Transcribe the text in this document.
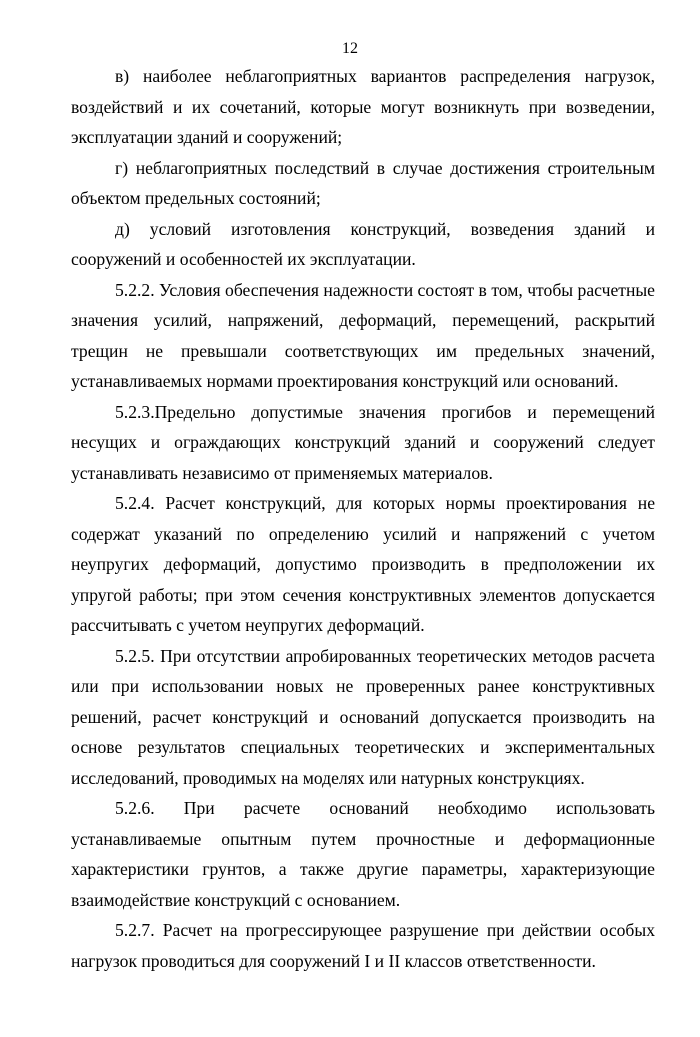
12

в) наиболее неблагоприятных вариантов распределения нагрузок, воздействий и их сочетаний, которые могут возникнуть при возведении, эксплуатации зданий и сооружений;

г) неблагоприятных последствий в случае достижения строительным объектом предельных состояний;

д) условий изготовления конструкций, возведения зданий и сооружений и особенностей их эксплуатации.

5.2.2. Условия обеспечения надежности состоят в том, чтобы расчетные значения усилий, напряжений, деформаций, перемещений, раскрытий трещин не превышали соответствующих им предельных значений, устанавливаемых нормами проектирования конструкций или оснований.

5.2.3.Предельно допустимые значения прогибов и перемещений несущих и ограждающих конструкций зданий и сооружений следует устанавливать независимо от применяемых материалов.

5.2.4. Расчет конструкций, для которых нормы проектирования не содержат указаний по определению усилий и напряжений с учетом неупругих деформаций, допустимо производить в предположении их упругой работы; при этом сечения конструктивных элементов допускается рассчитывать с учетом неупругих деформаций.

5.2.5. При отсутствии апробированных теоретических методов расчета или при использовании новых не проверенных ранее конструктивных решений, расчет конструкций и оснований допускается производить на основе результатов специальных теоретических и экспериментальных исследований, проводимых на моделях или натурных конструкциях.

5.2.6. При расчете оснований необходимо использовать устанавливаемые опытным путем прочностные и деформационные характеристики грунтов, а также другие параметры, характеризующие взаимодействие конструкций с основанием.

5.2.7. Расчет на прогрессирующее разрушение при действии особых нагрузок проводиться для сооружений I и II классов ответственности.
